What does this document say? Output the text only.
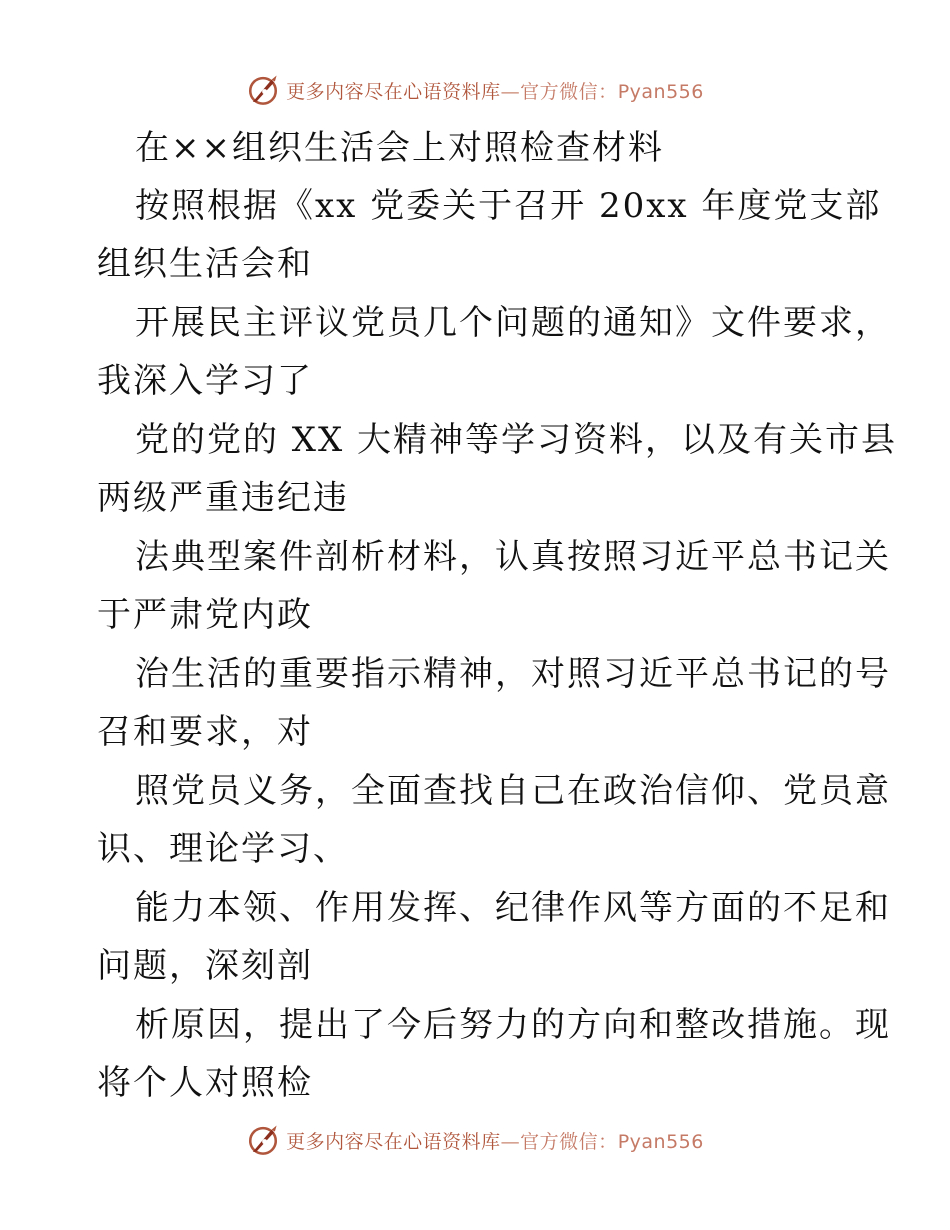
更多内容尽在心语资料库—官方微信：Pyan556
在××组织生活会上对照检查材料
按照根据《xx 党委关于召开 20xx 年度党支部
组织生活会和
开展民主评议党员几个问题的通知》文件要求，
我深入学习了
党的党的 XX 大精神等学习资料，以及有关市县
两级严重违纪违
法典型案件剖析材料，认真按照习近平总书记关
于严肃党内政
治生活的重要指示精神，对照习近平总书记的号
召和要求，对
照党员义务，全面查找自己在政治信仰、党员意
识、理论学习、
能力本领、作用发挥、纪律作风等方面的不足和
问题，深刻剖
析原因，提出了今后努力的方向和整改措施。现
将个人对照检
更多内容尽在心语资料库—官方微信：Pyan556
